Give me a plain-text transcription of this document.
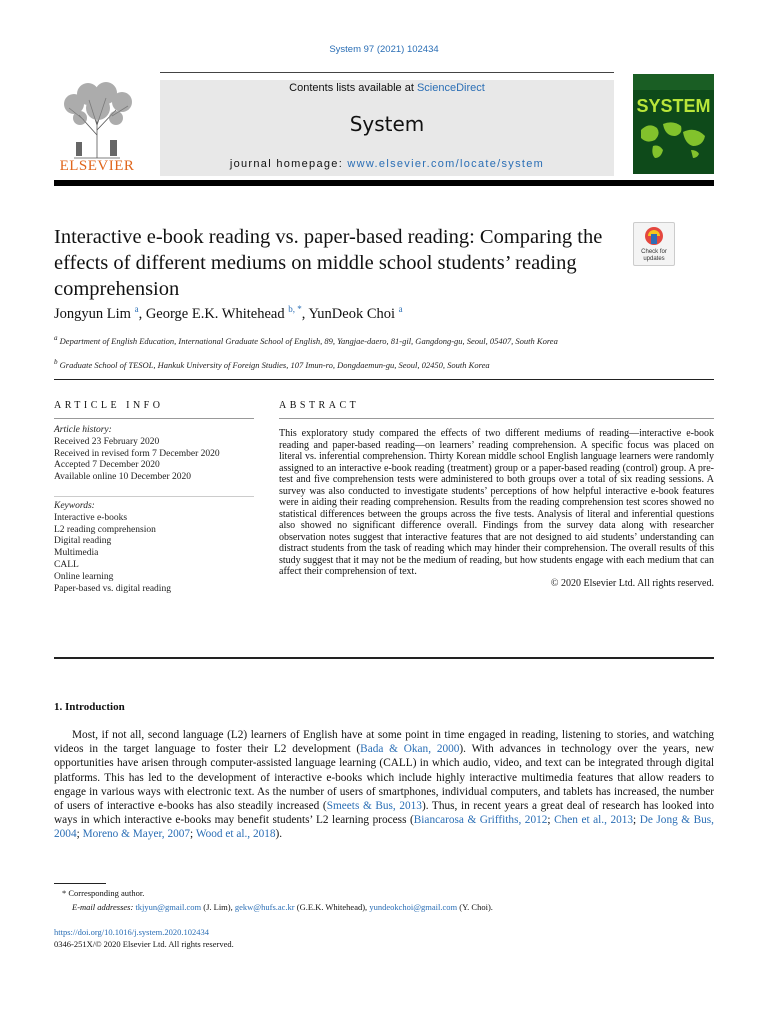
System 97 (2021) 102434
ELSEVIER
Contents lists available at ScienceDirect
System
journal homepage: www.elsevier.com/locate/system
SYSTEM
Interactive e-book reading vs. paper-based reading: Comparing the effects of different mediums on middle school students’ reading comprehension
Check for updates
Jongyun Lim $^a$, George E.K. Whitehead $^{b, *}$, YunDeok Choi $^a$
$^a$ Department of English Education, International Graduate School of English, 89, Yangjae-daero, 81-gil, Gangdong-gu, Seoul, 05407, South Korea
$^b$ Graduate School of TESOL, Hankuk University of Foreign Studies, 107 Imun-ro, Dongdaemun-gu, Seoul, 02450, South Korea
ARTICLE INFO
Article history:
Received 23 February 2020
Received in revised form 7 December 2020
Accepted 7 December 2020
Available online 10 December 2020
Keywords:
Interactive e-books
L2 reading comprehension
Digital reading
Multimedia
CALL
Online learning
Paper-based vs. digital reading
ABSTRACT
This exploratory study compared the effects of two different mediums of reading—interactive e-book reading and paper-based reading—on learners’ reading comprehension. A specific focus was placed on literal vs. inferential comprehension. Thirty Korean middle school English language learners were randomly assigned to an interactive e-book reading (treatment) group or a paper-based reading (control) group. A pre-test and five comprehension tests were administered to both groups over a total of six reading sessions. A survey was also conducted to investigate students’ perceptions of how helpful interactive e-book features were in aiding their reading comprehension. Results from the reading comprehension test scores showed no statistical differences between the groups across the five tests. Analysis of literal and inferential questions also showed no significant difference overall. Findings from the survey data along with researcher observation notes suggest that interactive features that are not designed to aid students’ understanding can distract students from the task of reading which may hinder their comprehension. The overall results of this study suggest that it may not be the medium of reading, but how students engage with each medium that can affect their comprehension of text.
© 2020 Elsevier Ltd. All rights reserved.
1. Introduction
Most, if not all, second language (L2) learners of English have at some point in time engaged in reading, listening to stories, and watching videos in the target language to foster their L2 development (Bada & Okan, 2000). With advances in technology over the years, new opportunities have arisen through computer-assisted language learning (CALL) in which audio, video, and text can be integrated through digital platforms. This has led to the development of interactive e-books which include highly interactive multimedia features that allow readers to engage in various ways with electronic text. As the number of users of smartphones, individual computers, and tablets has increased, the number of users of interactive e-books has also steadily increased (Smeets & Bus, 2013). Thus, in recent years a great deal of research has looked into ways in which interactive e-books may benefit students’ L2 learning process (Biancarosa & Griffiths, 2012; Chen et al., 2013; De Jong & Bus, 2004; Moreno & Mayer, 2007; Wood et al., 2018).
* Corresponding author.
E-mail addresses: tkjyun@gmail.com (J. Lim), gekw@hufs.ac.kr (G.E.K. Whitehead), yundeokchoi@gmail.com (Y. Choi).
https://doi.org/10.1016/j.system.2020.102434
0346-251X/© 2020 Elsevier Ltd. All rights reserved.
